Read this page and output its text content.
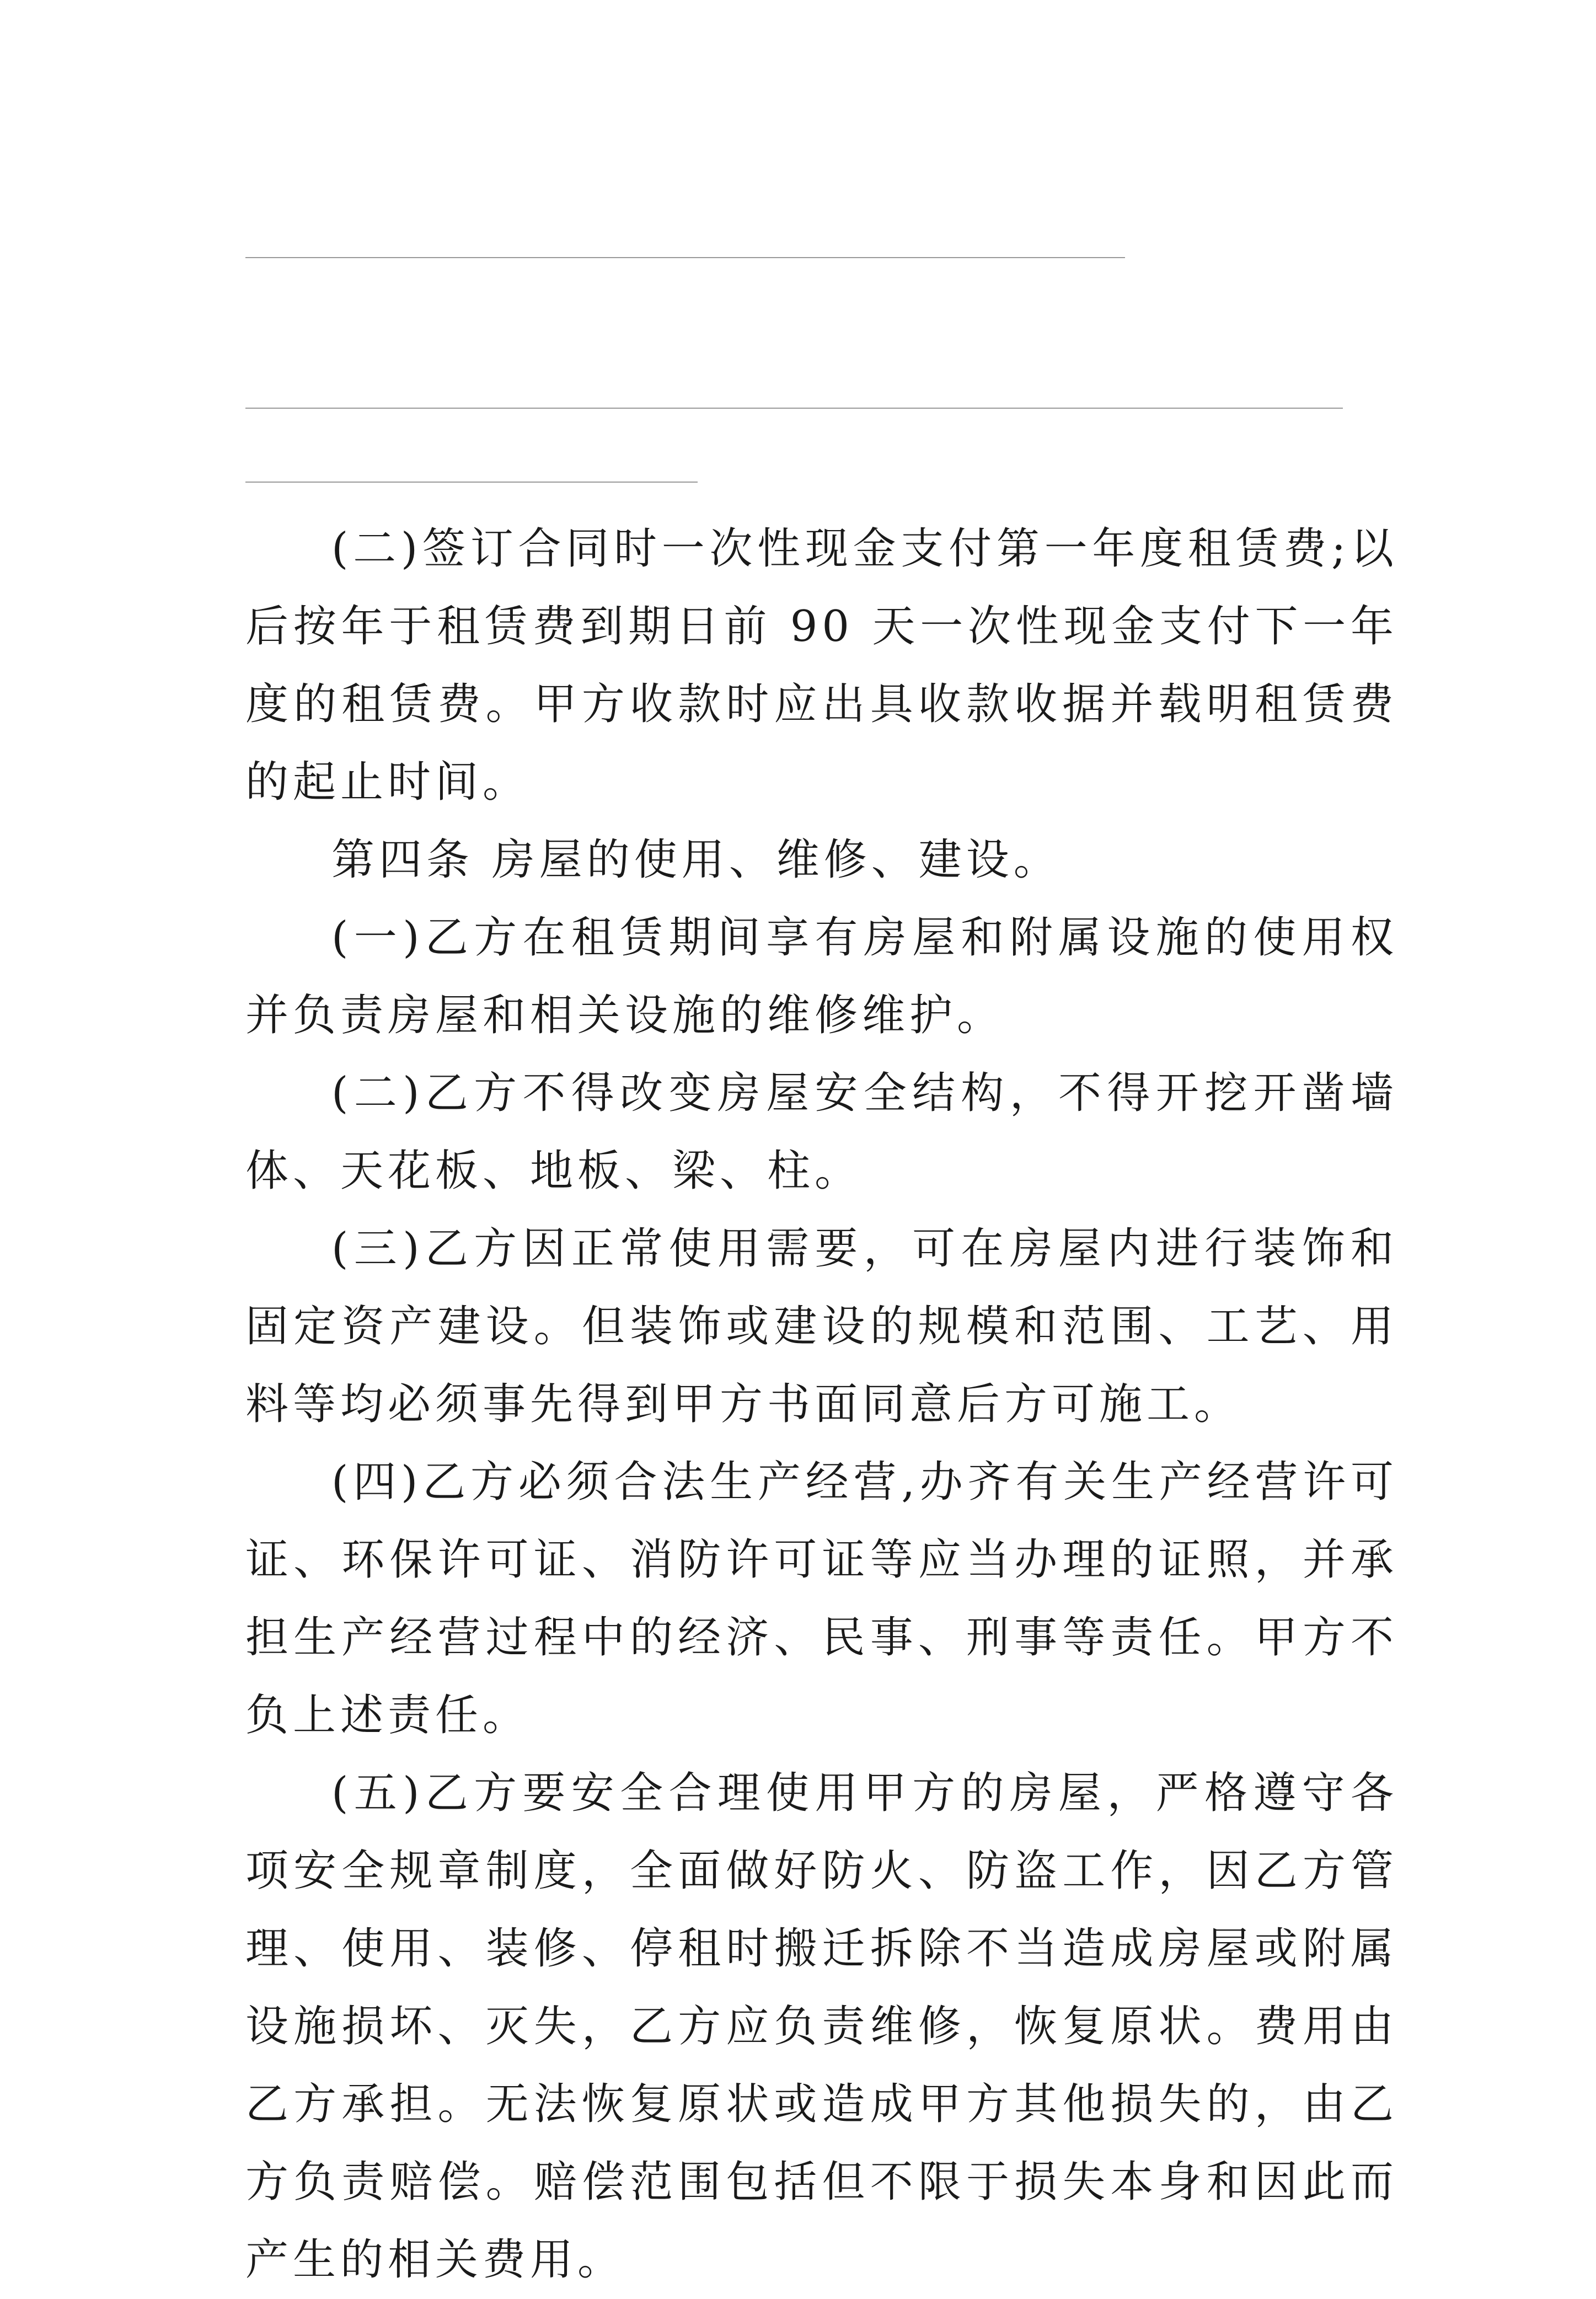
(二)签订合同时一次性现金支付第一年度租赁费;以后按年于租赁费到期日前 90 天一次性现金支付下一年度的租赁费。甲方收款时应出具收款收据并载明租赁费的起止时间。

第四条 房屋的使用、维修、建设。

(一)乙方在租赁期间享有房屋和附属设施的使用权并负责房屋和相关设施的维修维护。

(二)乙方不得改变房屋安全结构，不得开挖开凿墙体、天花板、地板、梁、柱。

(三)乙方因正常使用需要，可在房屋内进行装饰和固定资产建设。但装饰或建设的规模和范围、工艺、用料等均必须事先得到甲方书面同意后方可施工。

(四)乙方必须合法生产经营,办齐有关生产经营许可证、环保许可证、消防许可证等应当办理的证照，并承担生产经营过程中的经济、民事、刑事等责任。甲方不负上述责任。

(五)乙方要安全合理使用甲方的房屋，严格遵守各项安全规章制度，全面做好防火、防盗工作，因乙方管理、使用、装修、停租时搬迁拆除不当造成房屋或附属设施损坏、灭失，乙方应负责维修，恢复原状。费用由乙方承担。无法恢复原状或造成甲方其他损失的，由乙方负责赔偿。赔偿范围包括但不限于损失本身和因此而产生的相关费用。
